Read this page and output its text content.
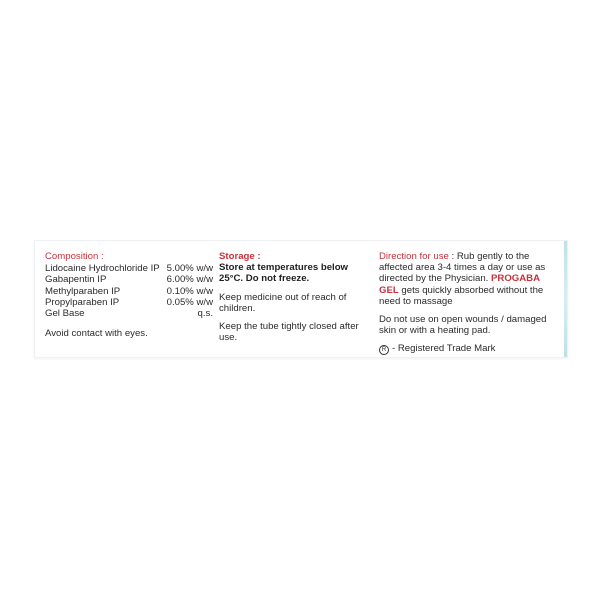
Composition :
Lidocaine Hydrochloride IP 5.00% w/w
Gabapentin IP	6.00% w/w
Methylparaben IP	0.10% w/w
Propylparaben IP	0.05% w/w
Gel Base	q.s.
Avoid contact with eyes.
Storage :
Store at temperatures below 25°C. Do not freeze.
Keep medicine out of reach of children.
Keep the tube tightly closed after use.
Direction for use : Rub gently to the affected area 3-4 times a day or use as directed by the Physician. PROGABA GEL gets quickly absorbed without the need to massage
Do not use on open wounds / damaged skin or with a heating pad.
R - Registered Trade Mark
